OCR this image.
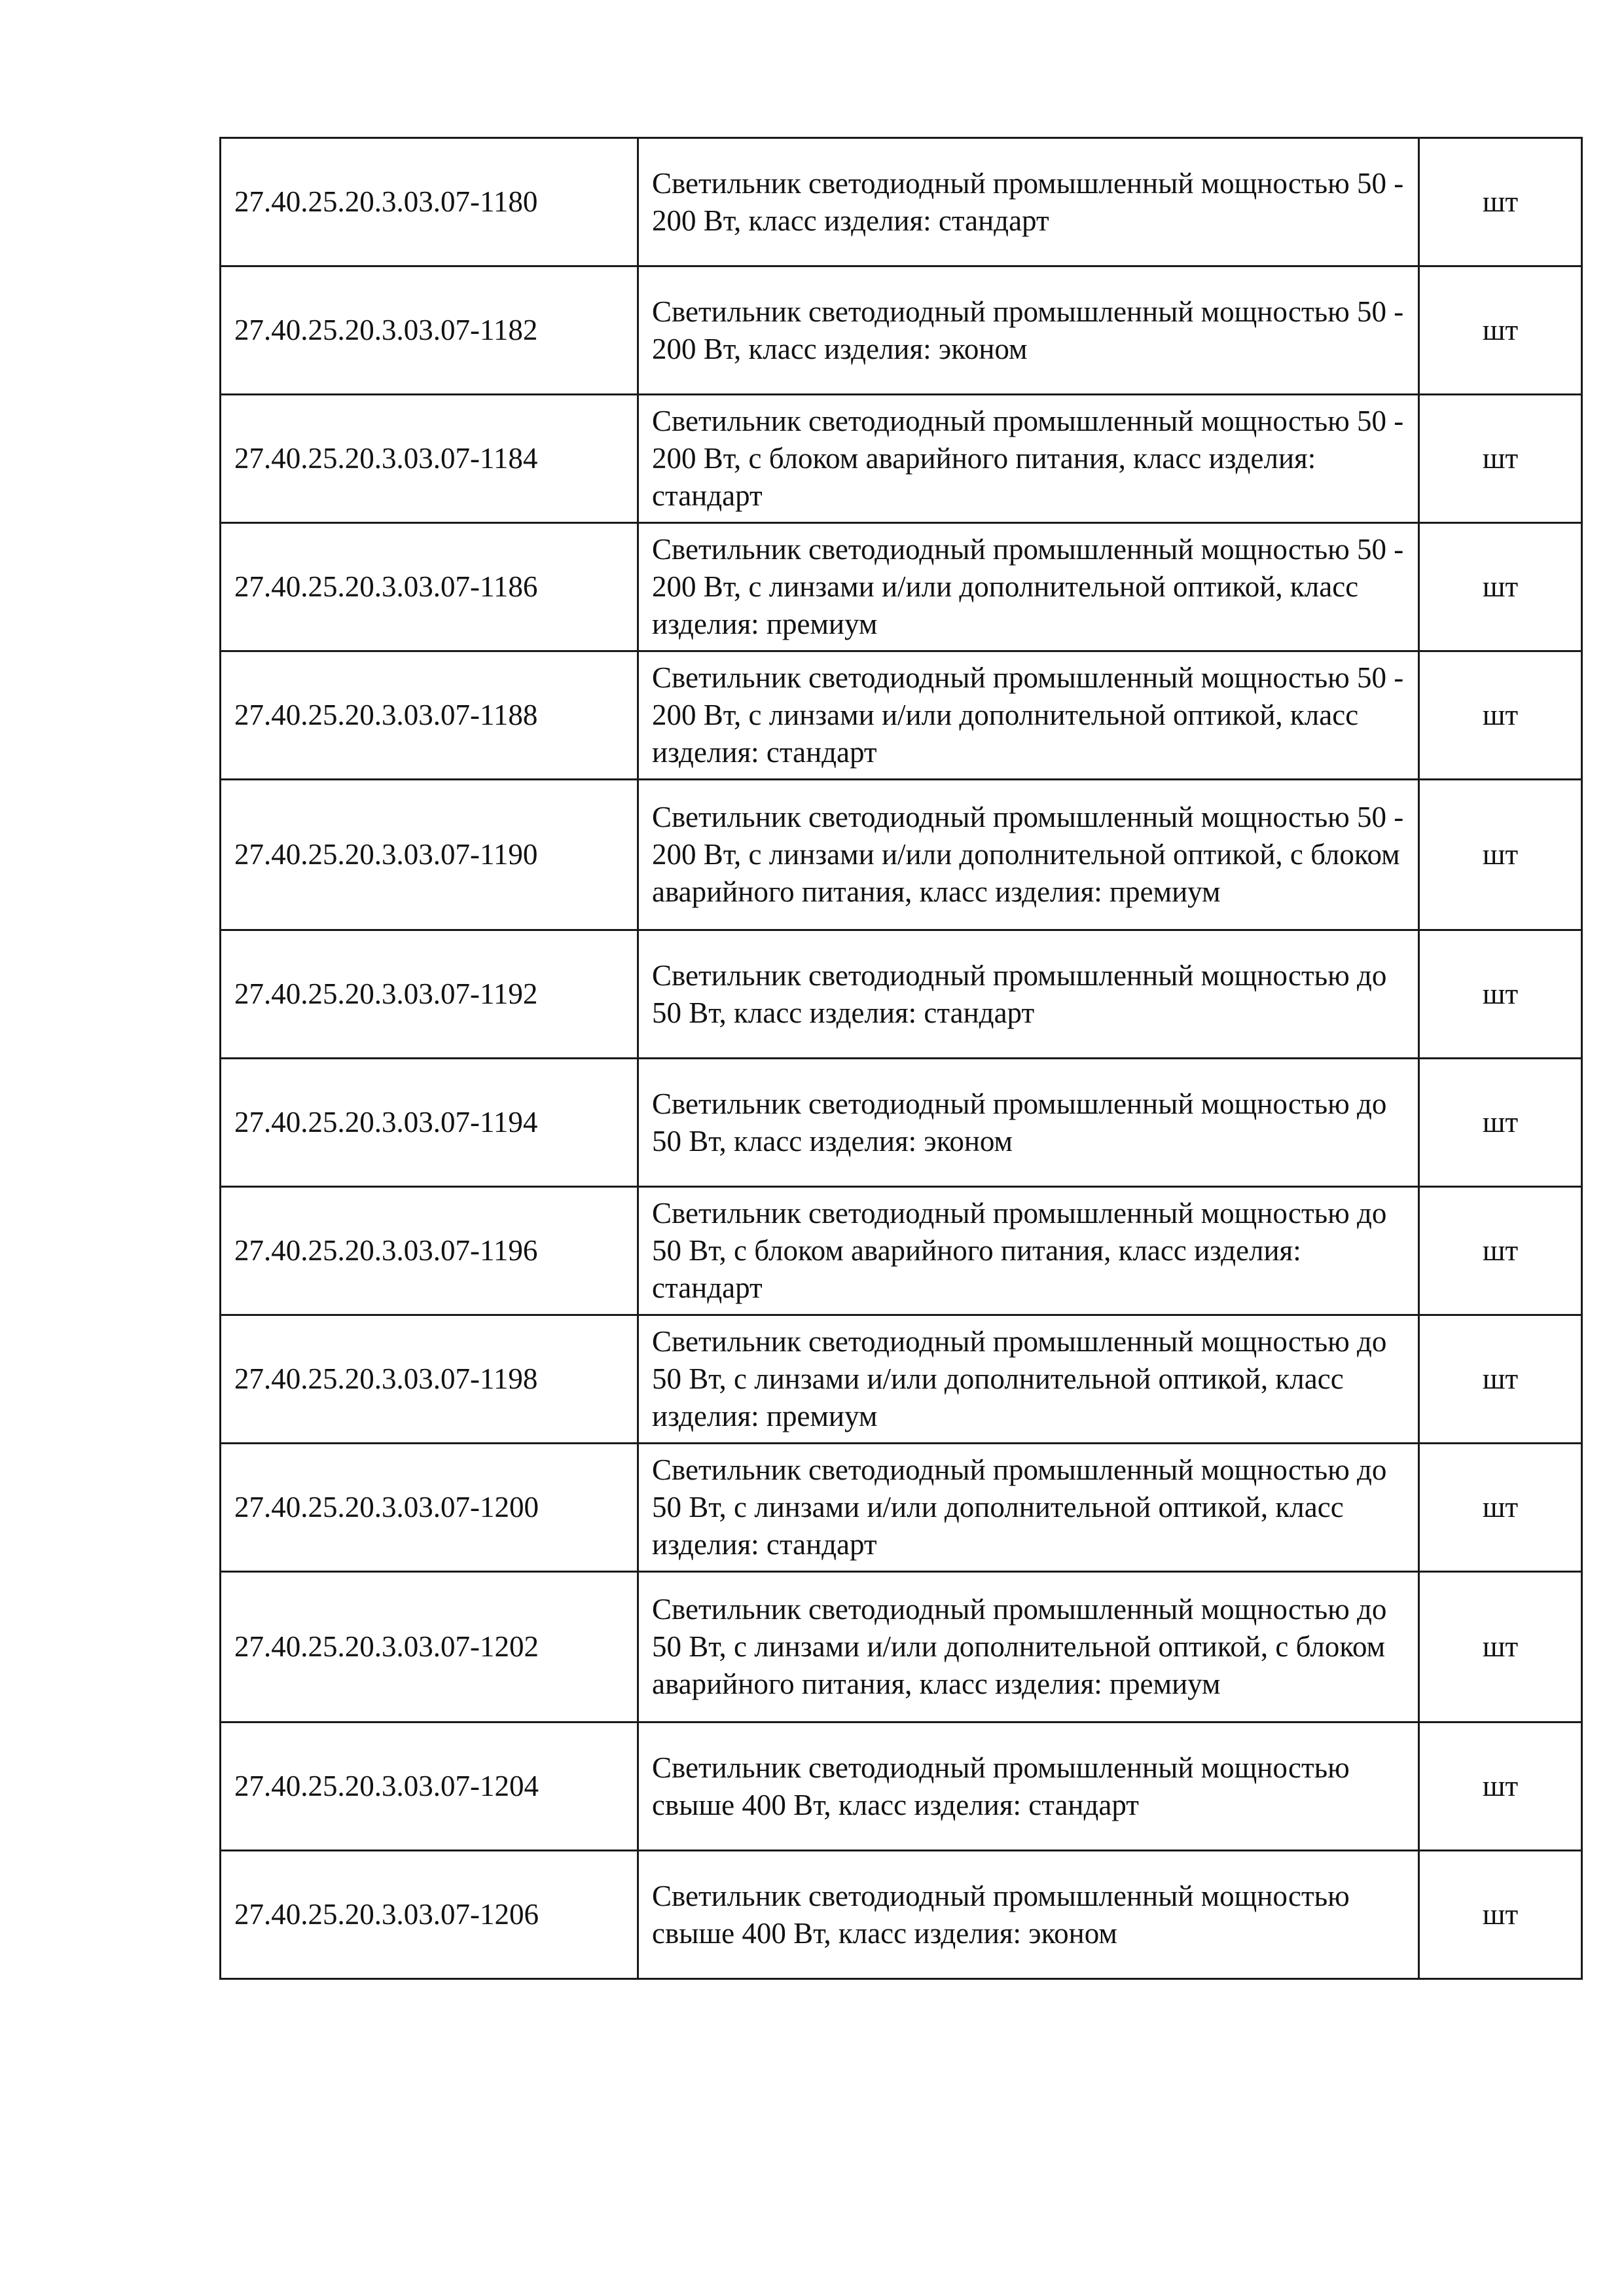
27.40.25.20.3.03.07-1180	Светильник светодиодный промышленный мощностью 50 - 200 Вт, класс изделия: стандарт	шт
27.40.25.20.3.03.07-1182	Светильник светодиодный промышленный мощностью 50 - 200 Вт, класс изделия: эконом	шт
27.40.25.20.3.03.07-1184	Светильник светодиодный промышленный мощностью 50 - 200 Вт, с блоком аварийного питания, класс изделия: стандарт	шт
27.40.25.20.3.03.07-1186	Светильник светодиодный промышленный мощностью 50 - 200 Вт, с линзами и/или дополнительной оптикой, класс изделия: премиум	шт
27.40.25.20.3.03.07-1188	Светильник светодиодный промышленный мощностью 50 - 200 Вт, с линзами и/или дополнительной оптикой, класс изделия: стандарт	шт
27.40.25.20.3.03.07-1190	Светильник светодиодный промышленный мощностью 50 - 200 Вт, с линзами и/или дополнительной оптикой, с блоком аварийного питания, класс изделия: премиум	шт
27.40.25.20.3.03.07-1192	Светильник светодиодный промышленный мощностью до 50 Вт, класс изделия: стандарт	шт
27.40.25.20.3.03.07-1194	Светильник светодиодный промышленный мощностью до 50 Вт, класс изделия: эконом	шт
27.40.25.20.3.03.07-1196	Светильник светодиодный промышленный мощностью до 50 Вт, с блоком аварийного питания, класс изделия: стандарт	шт
27.40.25.20.3.03.07-1198	Светильник светодиодный промышленный мощностью до 50 Вт, с линзами и/или дополнительной оптикой, класс изделия: премиум	шт
27.40.25.20.3.03.07-1200	Светильник светодиодный промышленный мощностью до 50 Вт, с линзами и/или дополнительной оптикой, класс изделия: стандарт	шт
27.40.25.20.3.03.07-1202	Светильник светодиодный промышленный мощностью до 50 Вт, с линзами и/или дополнительной оптикой, с блоком аварийного питания, класс изделия: премиум	шт
27.40.25.20.3.03.07-1204	Светильник светодиодный промышленный мощностью свыше 400 Вт, класс изделия: стандарт	шт
27.40.25.20.3.03.07-1206	Светильник светодиодный промышленный мощностью свыше 400 Вт, класс изделия: эконом	шт
